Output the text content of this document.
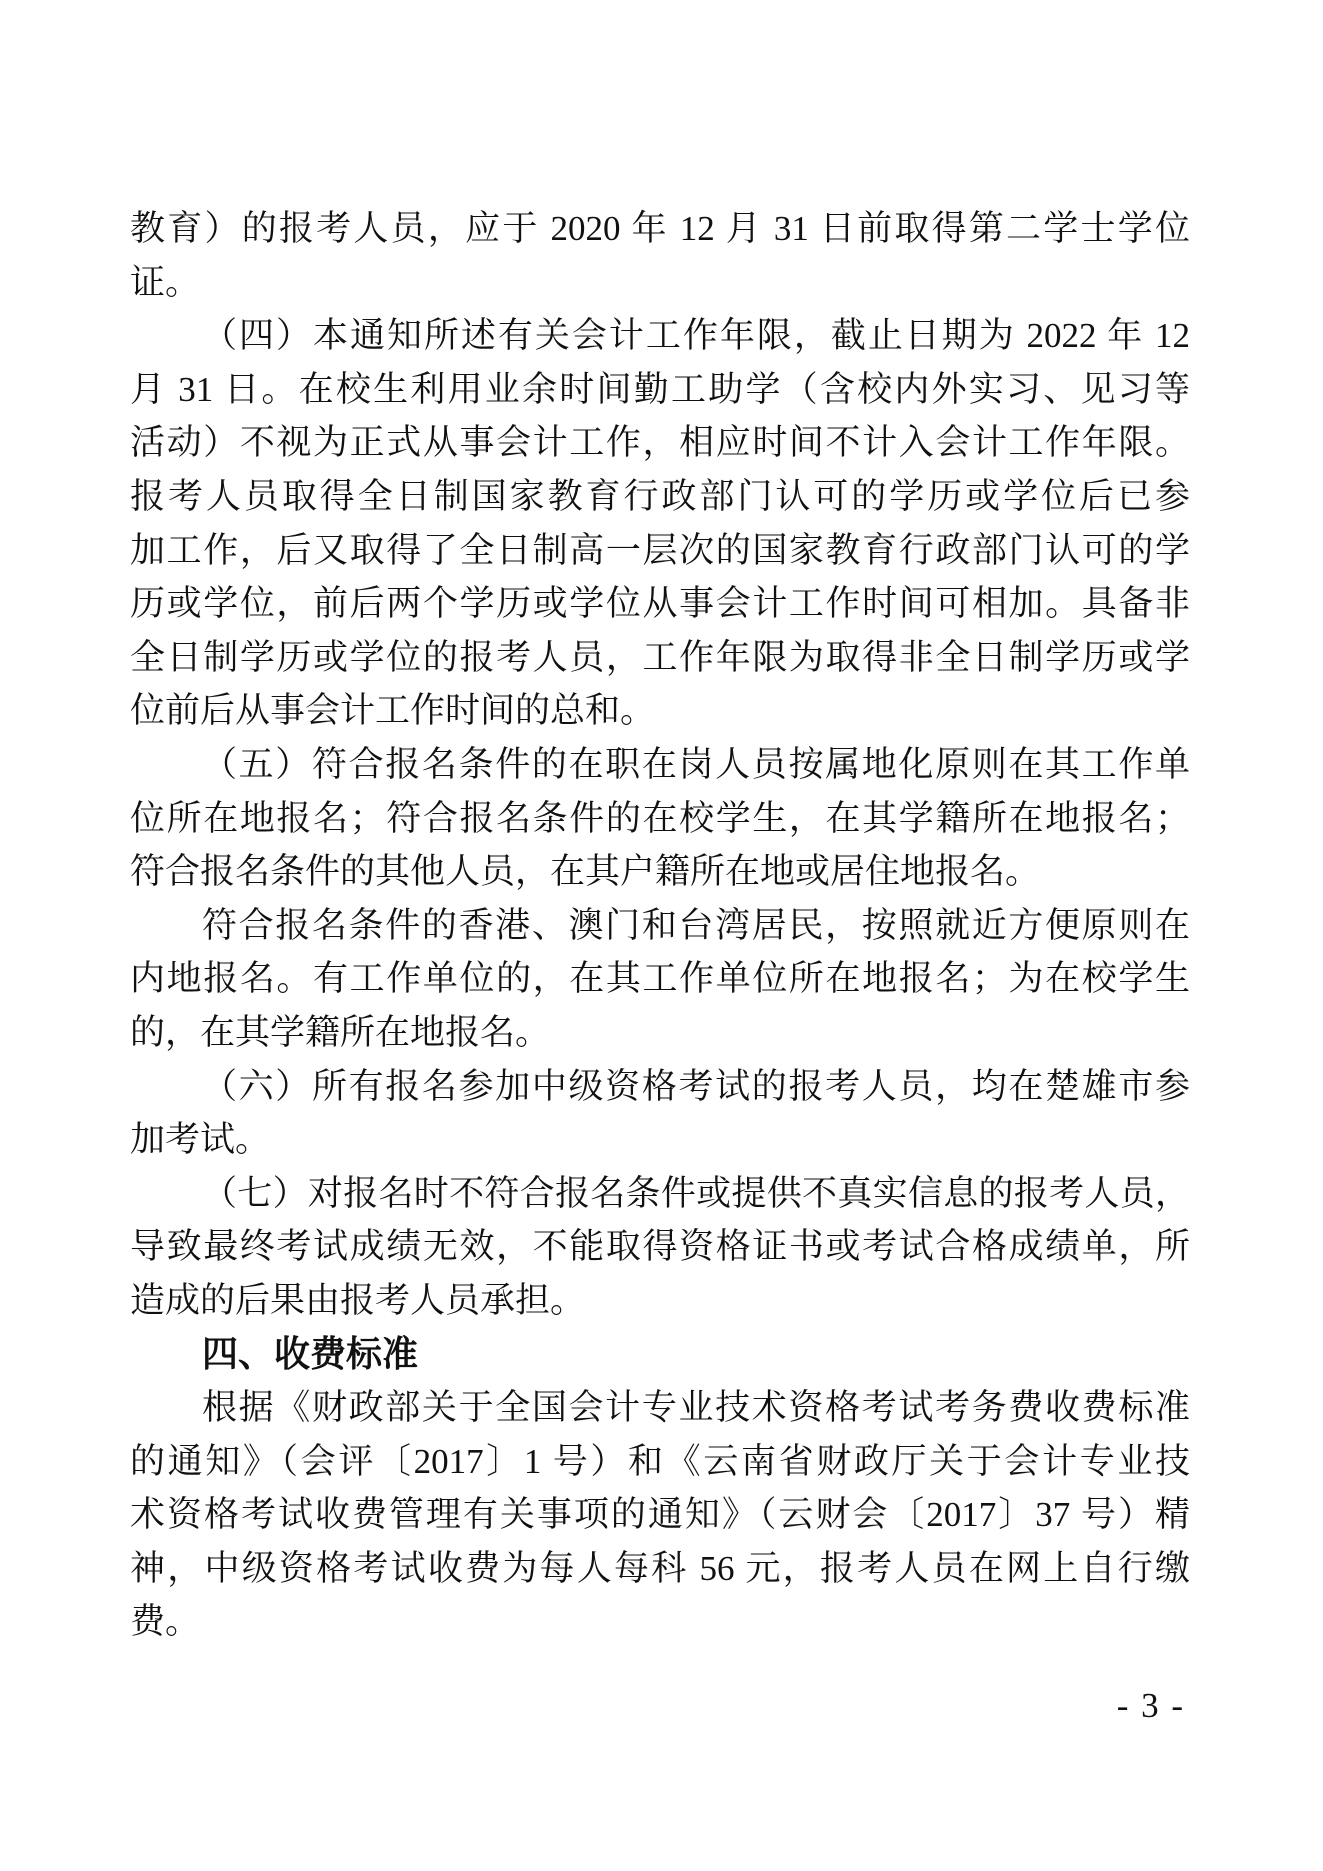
教育）的报考人员，应于 2020 年 12 月 31 日前取得第二学士学位
证。
（四）本通知所述有关会计工作年限，截止日期为 2022 年 12
月 31 日。在校生利用业余时间勤工助学（含校内外实习、见习等
活动）不视为正式从事会计工作，相应时间不计入会计工作年限。
报考人员取得全日制国家教育行政部门认可的学历或学位后已参
加工作，后又取得了全日制高一层次的国家教育行政部门认可的学
历或学位，前后两个学历或学位从事会计工作时间可相加。具备非
全日制学历或学位的报考人员，工作年限为取得非全日制学历或学
位前后从事会计工作时间的总和。
（五）符合报名条件的在职在岗人员按属地化原则在其工作单
位所在地报名；符合报名条件的在校学生，在其学籍所在地报名；
符合报名条件的其他人员，在其户籍所在地或居住地报名。
符合报名条件的香港、澳门和台湾居民，按照就近方便原则在
内地报名。有工作单位的，在其工作单位所在地报名；为在校学生
的，在其学籍所在地报名。
（六）所有报名参加中级资格考试的报考人员，均在楚雄市参
加考试。
（七）对报名时不符合报名条件或提供不真实信息的报考人员，
导致最终考试成绩无效，不能取得资格证书或考试合格成绩单，所
造成的后果由报考人员承担。
四、收费标准
根据《财政部关于全国会计专业技术资格考试考务费收费标准
的通知》（会评〔2017〕1 号）和《云南省财政厅关于会计专业技
术资格考试收费管理有关事项的通知》（云财会〔2017〕37 号）精
神，中级资格考试收费为每人每科 56 元，报考人员在网上自行缴
费。
- 3 -
